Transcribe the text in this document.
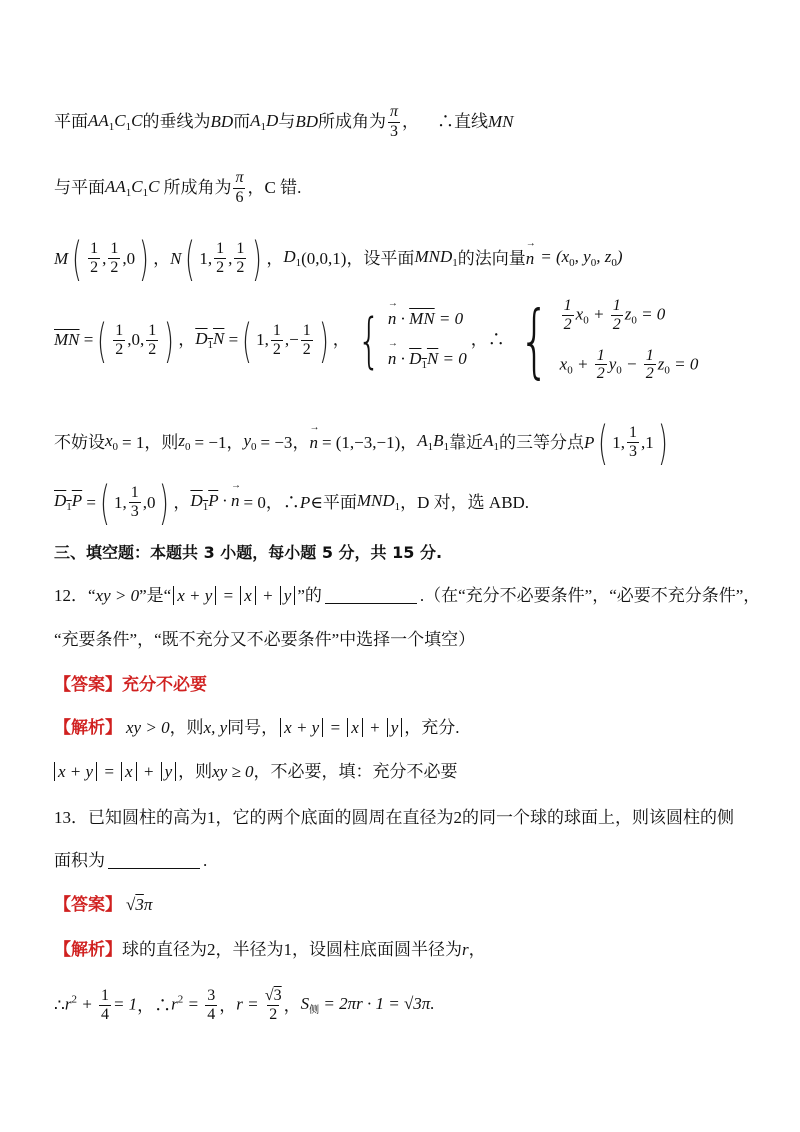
平面 $AA_1C_1C$ 的垂线为 BD 而 $A_1D$ 与 BD 所成角为 $\frac{\pi}{3}$ ， ∴直线 MN
与平面 $AA_1C_1C$ 所成角为 $\frac{\pi}{6}$ ，C 错.
M ( 1
2 ,
1
2 ,0 ) ， N ( 1,
1
2 ,
1
2 ) ， $D_1$ (0,0,1) ，设平面 $MND_1$ 的法向量 → $n = (x_0$, $y_0$, $z_0$)
$\overline{MN}$ = ( 1
2 ,0,
1
2 ) ， $D_1N$ = ( 1,
1
2 ,−
1
2 ) ， { → $n \cdot \overline{MN} = 0$
→ $n \cdot D_1N = 0$
，∴ { 1
2
$x_0 + 1$
2
$z_0 = 0$
$x_0 + 1$
2
$y_0 - 1$
2
$z_0 = 0$
不妨设 $x_0 = 1$ ，则 $z_0 = -1$ ， $y_0 = -3$ ， → n = (1,−3,−1) ， $A_1B_1$ 靠近 $A_1$ 的三等分点 P ( 1,
1
3 ,1 )
$D_1P$ = ( 1,
1
3 ,0 ) ， $D_1P$ · → n = 0 ，∴ P ∈平面 $MND_1$ ，D 对，选 ABD.
三、填空题：本题共 3 小题，每小题 5 分，共 15 分.
12． “ xy > 0 ”是“ x + y = x + y ”的	.（在“充分不必要条件”，“必要不充分条件”，
“充要条件”，“既不充分又不必要条件”中选择一个填空）
【答案】 充分不必要
【解析】 xy > 0 ，则 x, y 同号， x + y = x + y ，充分.
x + y = x + y ，则 xy ≥ 0 ，不必要，填：充分不必要
13． 已知圆柱的高为 1 ，它的两个底面的圆周在直径为 2 的同一个球的球面上，则该圆柱的侧
面积为	.
【答案】 √3π
【解析】 球的直径为 2 ，半径为 1 ，设圆柱底面圆半径为 r ，
∴ $r^2 + 1$
4
= 1 ，∴ $r^2 = 3$
4 ， $r = \frac{√3}{2}$ ， $S_侧 = 2\pi r \cdot 1 = √3\pi$.
